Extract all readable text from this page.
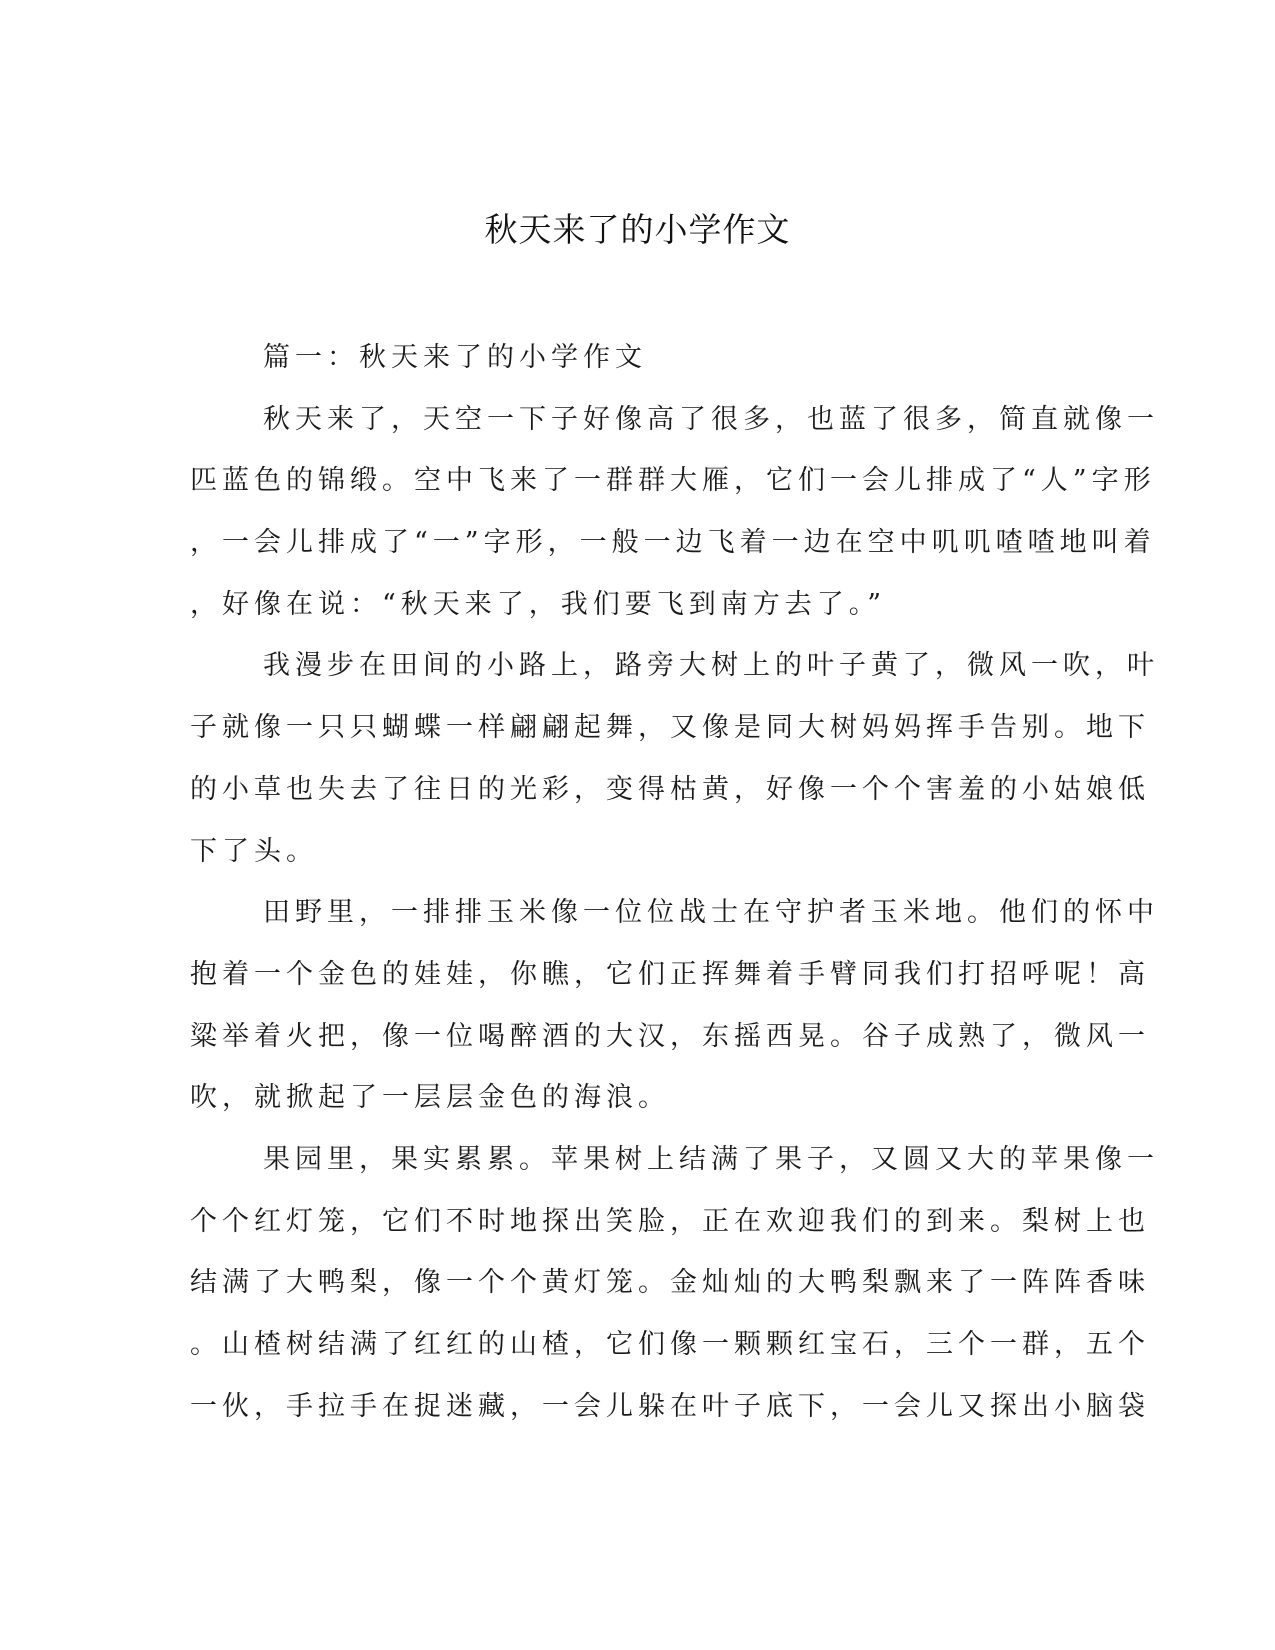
秋天来了的小学作文

篇一：秋天来了的小学作文

秋天来了，天空一下子好像高了很多，也蓝了很多，简直就像一
匹蓝色的锦缎。空中飞来了一群群大雁，它们一会儿排成了“人”字形
，一会儿排成了“一”字形，一般一边飞着一边在空中叽叽喳喳地叫着
，好像在说：“秋天来了，我们要飞到南方去了。”

我漫步在田间的小路上，路旁大树上的叶子黄了，微风一吹，叶
子就像一只只蝴蝶一样翩翩起舞，又像是同大树妈妈挥手告别。地下
的小草也失去了往日的光彩，变得枯黄，好像一个个害羞的小姑娘低
下了头。

田野里，一排排玉米像一位位战士在守护者玉米地。他们的怀中
抱着一个金色的娃娃，你瞧，它们正挥舞着手臂同我们打招呼呢！高
粱举着火把，像一位喝醉酒的大汉，东摇西晃。谷子成熟了，微风一
吹，就掀起了一层层金色的海浪。

果园里，果实累累。苹果树上结满了果子，又圆又大的苹果像一
个个红灯笼，它们不时地探出笑脸，正在欢迎我们的到来。梨树上也
结满了大鸭梨，像一个个黄灯笼。金灿灿的大鸭梨飘来了一阵阵香味
。山楂树结满了红红的山楂，它们像一颗颗红宝石，三个一群，五个
一伙，手拉手在捉迷藏，一会儿躲在叶子底下，一会儿又探出小脑袋
